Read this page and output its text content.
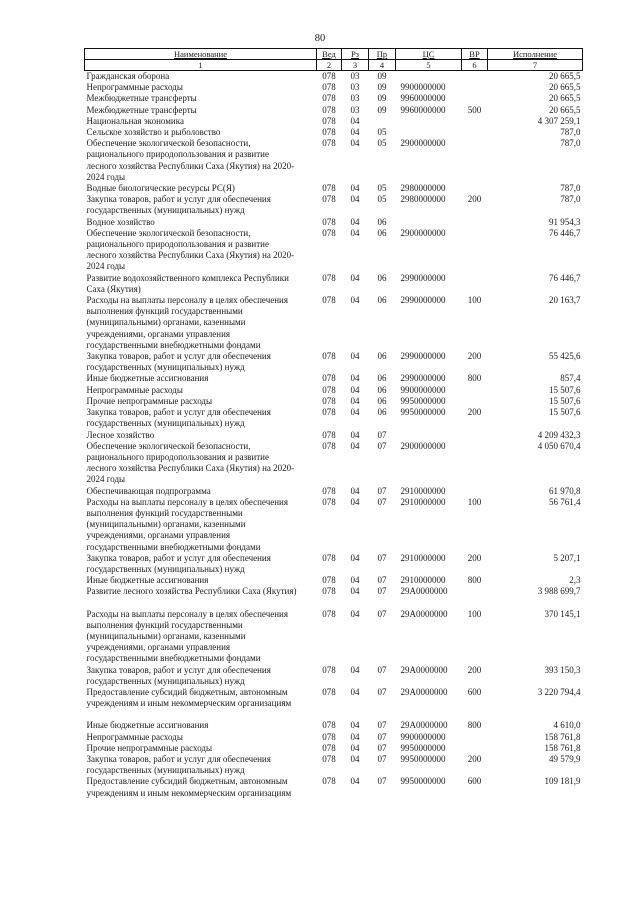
80
Наименование	Вед	Рз	Пр	ЦС	ВР	Исполнение
1	2	3	4	5	6	7
Гражданская оборона	078	03	09			20 665,5
Непрограммные расходы	078	03	09	9900000000		20 665,5
Межбюджетные трансферты	078	03	09	9960000000		20 665,5
Межбюджетные трансферты	078	03	09	9960000000	500	20 665,5
Национальная экономика	078	04				4 307 259,1
Сельское хозяйство и рыболовство	078	04	05			787,0
Обеспечение экологической безопасности,
рационального природопользования и развитие
лесного хозяйства Республики Саха (Якутия) на 2020-
2024 годы	078	04	05	2900000000		787,0
Водные биологические ресурсы РС(Я)	078	04	05	2980000000		787,0
Закупка товаров, работ и услуг для обеспечения
государственных (муниципальных) нужд	078	04	05	2980000000	200	787,0
Водное хозяйство	078	04	06			91 954,3
Обеспечение экологической безопасности,
рационального природопользования и развитие
лесного хозяйства Республики Саха (Якутия) на 2020-
2024 годы	078	04	06	2900000000		76 446,7
Развитие водохозяйственного комплекса Республики
Саха (Якутия)	078	04	06	2990000000		76 446,7
Расходы на выплаты персоналу в целях обеспечения
выполнения функций государственными
(муниципальными) органами, казенными
учреждениями, органами управления
государственными внебюджетными фондами	078	04	06	2990000000	100	20 163,7
Закупка товаров, работ и услуг для обеспечения
государственных (муниципальных) нужд	078	04	06	2990000000	200	55 425,6
Иные бюджетные ассигнования	078	04	06	2990000000	800	857,4
Непрограммные расходы	078	04	06	9900000000		15 507,6
Прочие непрограммные расходы	078	04	06	9950000000		15 507,6
Закупка товаров, работ и услуг для обеспечения
государственных (муниципальных) нужд	078	04	06	9950000000	200	15 507,6
Лесное хозяйство	078	04	07			4 209 432,3
Обеспечение экологической безопасности,
рационального природопользования и развитие
лесного хозяйства Республики Саха (Якутия) на 2020-
2024 годы	078	04	07	2900000000		4 050 670,4
Обеспечивающая подпрограмма	078	04	07	2910000000		61 970,8
Расходы на выплаты персоналу в целях обеспечения
выполнения функций государственными
(муниципальными) органами, казенными
учреждениями, органами управления
государственными внебюджетными фондами	078	04	07	2910000000	100	56 761,4
Закупка товаров, работ и услуг для обеспечения
государственных (муниципальных) нужд	078	04	07	2910000000	200	5 207,1
Иные бюджетные ассигнования	078	04	07	2910000000	800	2,3
Развитие лесного хозяйства Республики Саха (Якутия)	078	04	07	29A0000000		3 988 699,7

Расходы на выплаты персоналу в целях обеспечения
выполнения функций государственными
(муниципальными) органами, казенными
учреждениями, органами управления
государственными внебюджетными фондами	078	04	07	29A0000000	100	370 145,1
Закупка товаров, работ и услуг для обеспечения
государственных (муниципальных) нужд	078	04	07	29A0000000	200	393 150,3
Предоставление субсидий бюджетным, автономным
учреждениям и иным некоммерческим организациям	078	04	07	29A0000000	600	3 220 794,4

Иные бюджетные ассигнования	078	04	07	29A0000000	800	4 610,0
Непрограммные расходы	078	04	07	9900000000		158 761,8
Прочие непрограммные расходы	078	04	07	9950000000		158 761,8
Закупка товаров, работ и услуг для обеспечения
государственных (муниципальных) нужд	078	04	07	9950000000	200	49 579,9
Предоставление субсидий бюджетным, автономным
учреждениям и иным некоммерческим организациям	078	04	07	9950000000	600	109 181,9
